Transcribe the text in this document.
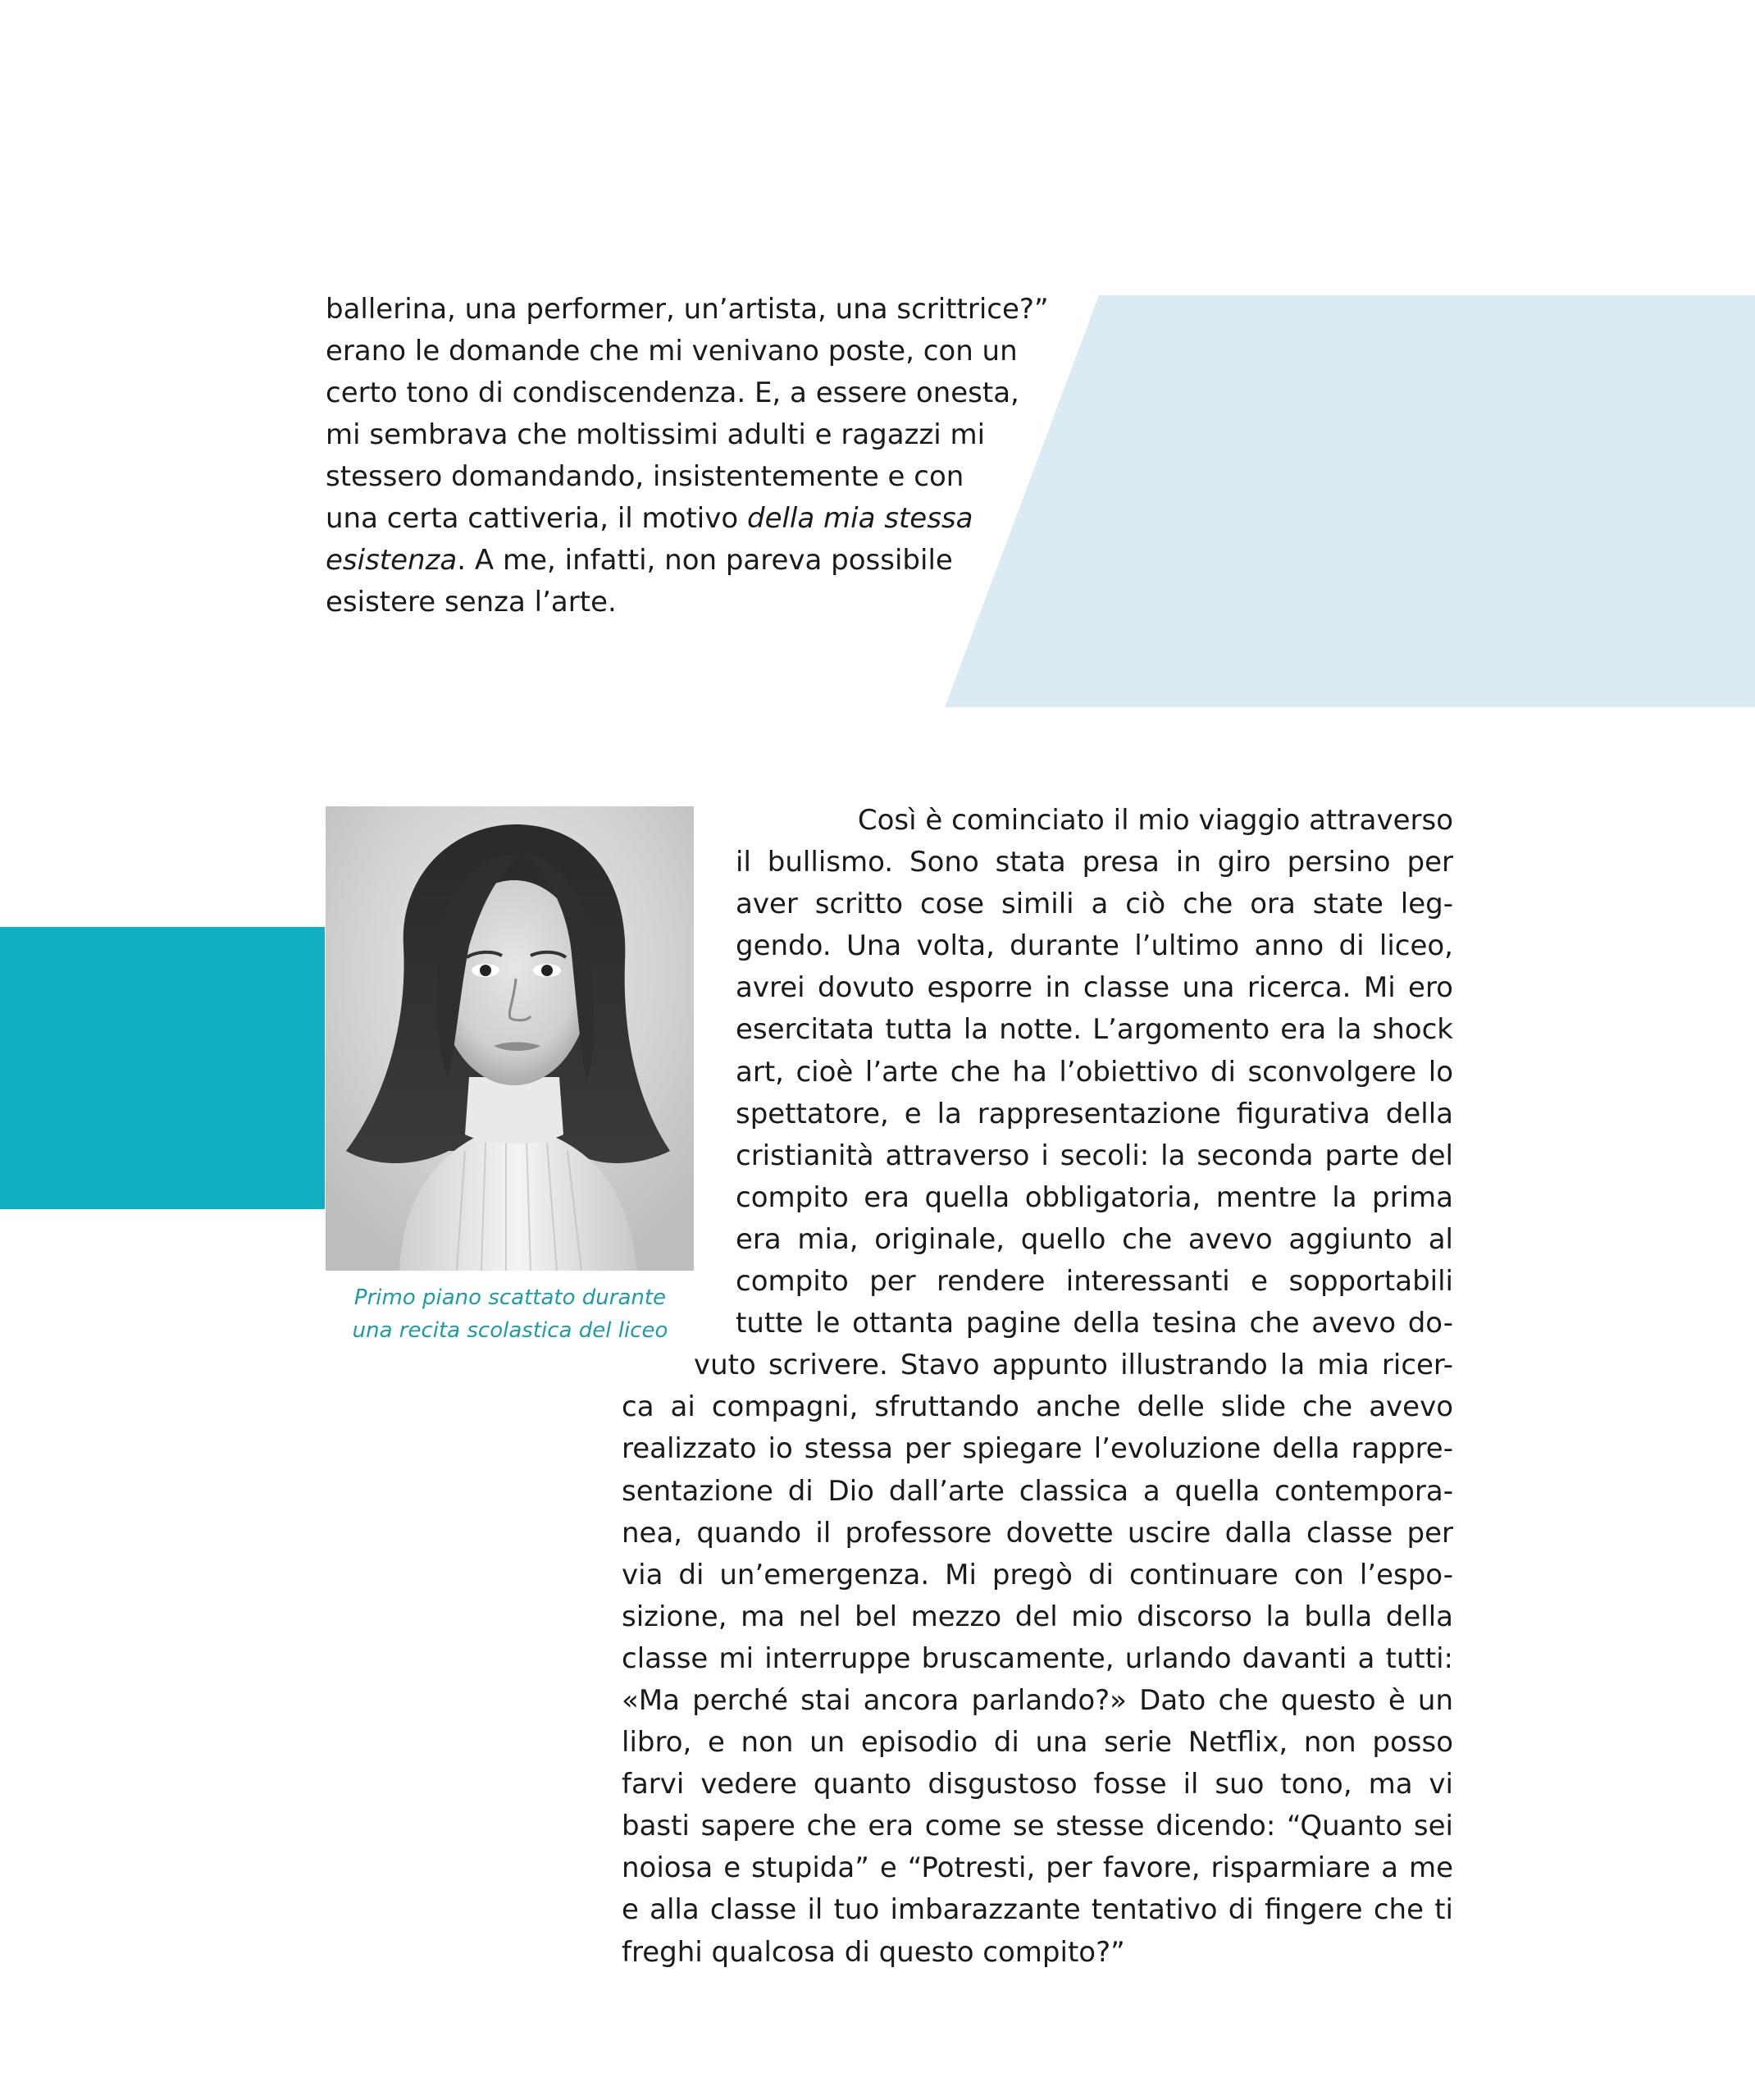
ballerina, una performer, un’artista, una scrittrice?”
erano le domande che mi venivano poste, con un
certo tono di condiscendenza. E, a essere onesta,
mi sembrava che moltissimi adulti e ragazzi mi
stessero domandando, insistentemente e con
una certa cattiveria, il motivo della mia stessa
esistenza. A me, infatti, non pareva possibile
esistere senza l’arte.

Primo piano scattato durante
una recita scolastica del liceo
Così è cominciato il mio viaggio attraverso
il bullismo. Sono stata presa in giro persino per
aver scritto cose simili a ciò che ora state leg-
gendo. Una volta, durante l’ultimo anno di liceo,
avrei dovuto esporre in classe una ricerca. Mi ero
esercitata tutta la notte. L’argomento era la shock
art, cioè l’arte che ha l’obiettivo di sconvolgere lo
spettatore, e la rappresentazione figurativa della
cristianità attraverso i secoli: la seconda parte del
compito era quella obbligatoria, mentre la prima
era mia, originale, quello che avevo aggiunto al
compito per rendere interessanti e sopportabili
tutte le ottanta pagine della tesina che avevo do-
vuto scrivere. Stavo appunto illustrando la mia ricer-
ca ai compagni, sfruttando anche delle slide che avevo
realizzato io stessa per spiegare l’evoluzione della rappre-
sentazione di Dio dall’arte classica a quella contempora-
nea, quando il professore dovette uscire dalla classe per
via di un’emergenza. Mi pregò di continuare con l’espo-
sizione, ma nel bel mezzo del mio discorso la bulla della
classe mi interruppe bruscamente, urlando davanti a tutti:
«Ma perché stai ancora parlando?» Dato che questo è un
libro, e non un episodio di una serie Netflix, non posso
farvi vedere quanto disgustoso fosse il suo tono, ma vi
basti sapere che era come se stesse dicendo: “Quanto sei
noiosa e stupida” e “Potresti, per favore, risparmiare a me
e alla classe il tuo imbarazzante tentativo di fingere che ti
freghi qualcosa di questo compito?”
